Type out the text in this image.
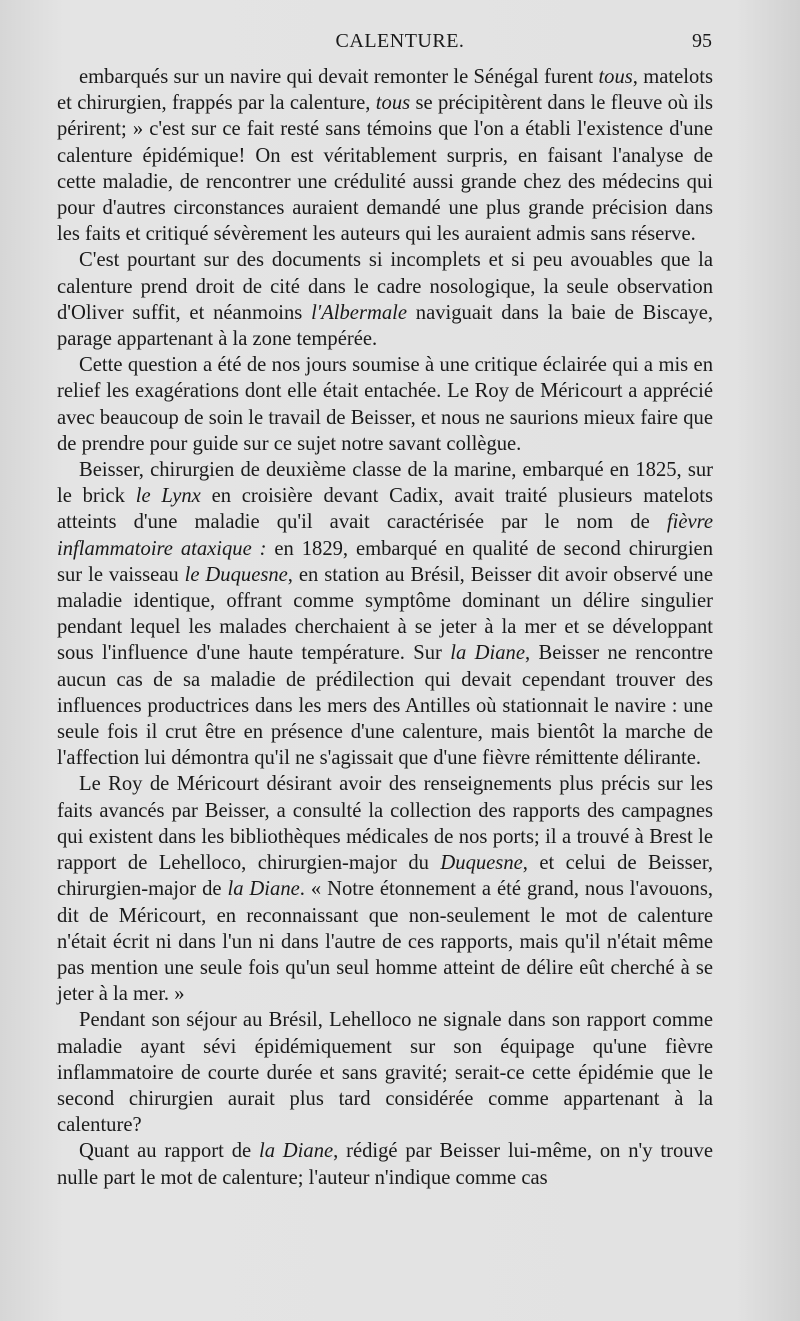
CALENTURE.	95

embarqués sur un navire qui devait remonter le Sénégal furent tous, matelots et chirurgien, frappés par la calenture, tous se précipitèrent dans le fleuve où ils périrent; » c'est sur ce fait resté sans témoins que l'on a établi l'existence d'une calenture épidémique! On est véritablement surpris, en faisant l'analyse de cette maladie, de rencontrer une crédulité aussi grande chez des médecins qui pour d'autres circonstances auraient demandé une plus grande précision dans les faits et critiqué sévèrement les auteurs qui les auraient admis sans réserve.

C'est pourtant sur des documents si incomplets et si peu avouables que la calenture prend droit de cité dans le cadre nosologique, la seule observation d'Oliver suffit, et néanmoins l'Albermale naviguait dans la baie de Biscaye, parage appartenant à la zone tempérée.

Cette question a été de nos jours soumise à une critique éclairée qui a mis en relief les exagérations dont elle était entachée. Le Roy de Méricourt a apprécié avec beaucoup de soin le travail de Beisser, et nous ne saurions mieux faire que de prendre pour guide sur ce sujet notre savant collègue.

Beisser, chirurgien de deuxième classe de la marine, embarqué en 1825, sur le brick le Lynx en croisière devant Cadix, avait traité plusieurs matelots atteints d'une maladie qu'il avait caractérisée par le nom de fièvre inflammatoire ataxique : en 1829, embarqué en qualité de second chirurgien sur le vaisseau le Duquesne, en station au Brésil, Beisser dit avoir observé une maladie identique, offrant comme symptôme dominant un délire singulier pendant lequel les malades cherchaient à se jeter à la mer et se développant sous l'influence d'une haute température. Sur la Diane, Beisser ne rencontre aucun cas de sa maladie de prédilection qui devait cependant trouver des influences productrices dans les mers des Antilles où stationnait le navire : une seule fois il crut être en présence d'une calenture, mais bientôt la marche de l'affection lui démontra qu'il ne s'agissait que d'une fièvre rémittente délirante.

Le Roy de Méricourt désirant avoir des renseignements plus précis sur les faits avancés par Beisser, a consulté la collection des rapports des campagnes qui existent dans les bibliothèques médicales de nos ports; il a trouvé à Brest le rapport de Lehelloco, chirurgien-major du Duquesne, et celui de Beisser, chirurgien-major de la Diane. « Notre étonnement a été grand, nous l'avouons, dit de Méricourt, en reconnaissant que non-seulement le mot de calenture n'était écrit ni dans l'un ni dans l'autre de ces rapports, mais qu'il n'était même pas mention une seule fois qu'un seul homme atteint de délire eût cherché à se jeter à la mer. »

Pendant son séjour au Brésil, Lehelloco ne signale dans son rapport comme maladie ayant sévi épidémiquement sur son équipage qu'une fièvre inflammatoire de courte durée et sans gravité; serait-ce cette épidémie que le second chirurgien aurait plus tard considérée comme appartenant à la calenture?

Quant au rapport de la Diane, rédigé par Beisser lui-même, on n'y trouve nulle part le mot de calenture; l'auteur n'indique comme cas
